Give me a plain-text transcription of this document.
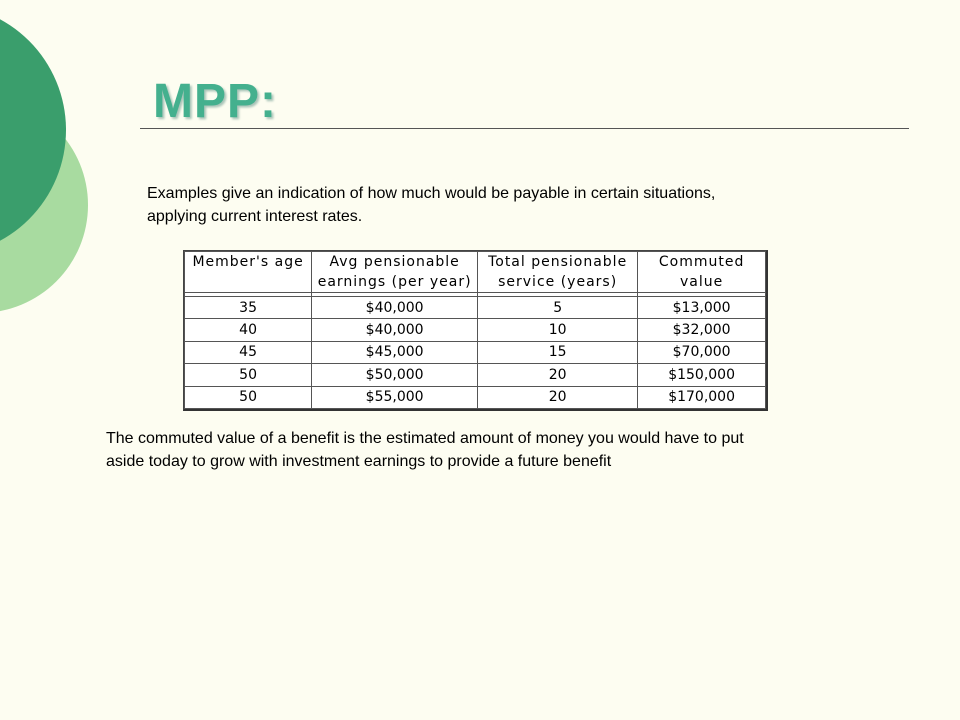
MPP:
Examples give an indication of how much would be payable in certain situations,
applying current interest rates.
Member's age	Avg pensionable	Total pensionable	Commuted
	earnings (per year)	service (years)	value

35	$40,000	5	$13,000
40	$40,000	10	$32,000
45	$45,000	15	$70,000
50	$50,000	20	$150,000
50	$55,000	20	$170,000
The commuted value of a benefit is the estimated amount of money you would have to put
aside today to grow with investment earnings to provide a future benefit
